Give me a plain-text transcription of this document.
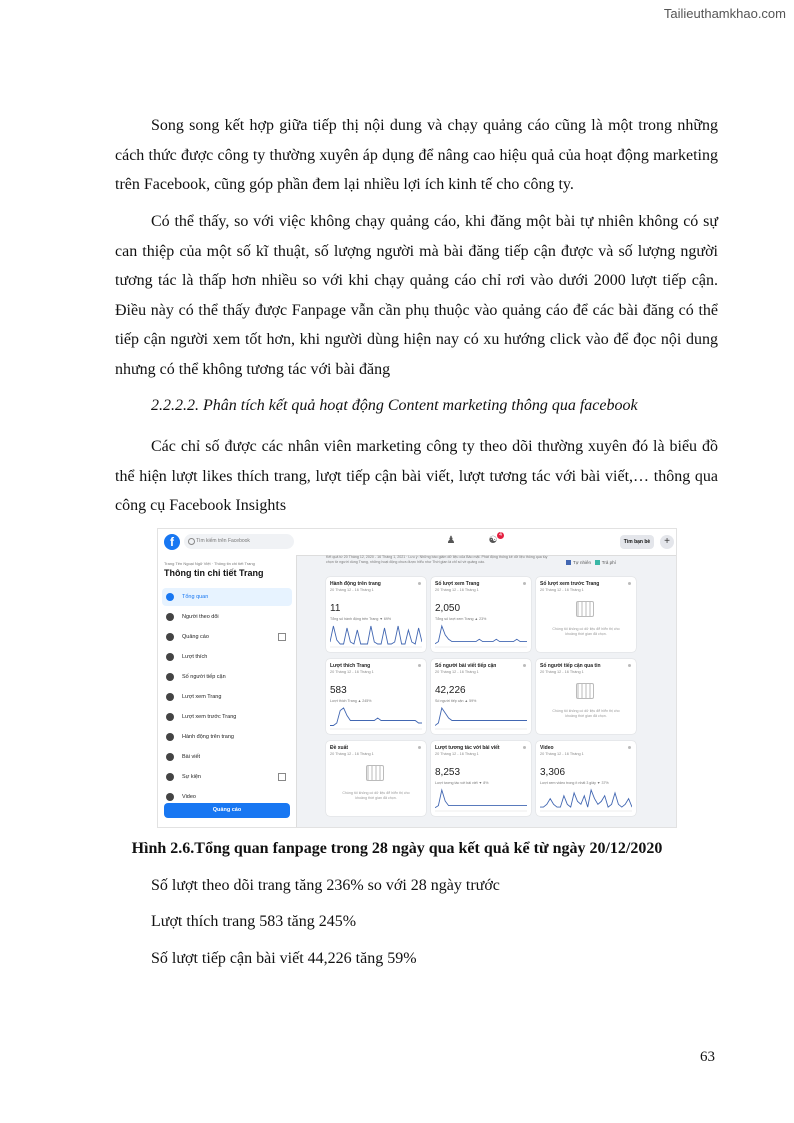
Tailieuthamkhao.com

Song song kết hợp giữa tiếp thị nội dung và chạy quảng cáo cũng là một trong những cách thức được công ty thường xuyên áp dụng để nâng cao hiệu quả của hoạt động marketing trên Facebook, cũng góp phần đem lại nhiều lợi ích kinh tế cho công ty.

Có thể thấy, so với việc không chạy quảng cáo, khi đăng một bài tự nhiên không có sự can thiệp của một số kĩ thuật, số lượng người mà bài đăng tiếp cận được và số lượng người tương tác là thấp hơn nhiều so với khi chạy quảng cáo chỉ rơi vào dưới 2000 lượt tiếp cận. Điều này có thể thấy được Fanpage vẫn cần phụ thuộc vào quảng cáo để các bài đăng có thể tiếp cận người xem tốt hơn, khi người dùng hiện nay có xu hướng click vào để đọc nội dung nhưng có thể không tương tác với bài đăng

2.2.2.2. Phân tích kết quả hoạt động Content marketing thông qua facebook

Các chỉ số được các nhân viên marketing công ty theo dõi thường xuyên đó là biểu đồ thể hiện lượt likes thích trang, lượt tiếp cận bài viết, lượt tương tác với bài viết,… thông qua công cụ Facebook Insights

f	Tìm kiếm trên Facebook	♟	☯ 4
Tìm bạn bè	+
Trang Tên Ngoại Ngữ Việt · Thông tin chi tiết Trang
Thông tin chi tiết Trang
Tổng quan
Người theo dõi
Quảng cáo
Lượt thích
Số người tiếp cận
Lượt xem Trang
Lượt xem trước Trang
Hành động trên trang
Bài viết
Sự kiện
Video
Quảng cáo
Kết quả từ 20 Tháng 12, 2020 - 16 Tháng 1, 2021 · Lưu ý: Những báo giấm dữ liệu của Bảo mật. Phát động thống kê dữ liệu thông qua tùy chọn từ người dùng Trang, những hoạt động chưa được hiểu như Thời gian là chỉ số về quảng cáo.	Tự nhiên Trả phí
Hành động trên trang
20 Tháng 12 - 16 Tháng 1
11
Tổng số hành động trên Trang ▼ 69%
Số lượt xem Trang
20 Tháng 12 - 16 Tháng 1
2,050
Tổng số lượt xem Trang ▲ 23%
Số lượt xem trước Trang
20 Tháng 12 - 16 Tháng 1
Chúng tôi không có dữ liệu để hiển thị cho khoảng thời gian đã chọn.
Lượt thích Trang
20 Tháng 12 - 16 Tháng 1
583
Lượt thích Trang ▲ 245%
Số người bài viết tiếp cận
20 Tháng 12 - 16 Tháng 1
42,226
Số người tiếp cận ▲ 59%
Số người tiếp cận qua tin
20 Tháng 12 - 16 Tháng 1
Chúng tôi không có dữ liệu để hiển thị cho khoảng thời gian đã chọn.
Đề xuất
20 Tháng 12 - 16 Tháng 1
Chúng tôi không có dữ liệu để hiển thị cho khoảng thời gian đã chọn.
Lượt tương tác với bài viết
20 Tháng 12 - 16 Tháng 1
8,253
Lượt tương tác với bài viết ▼ 8%
Video
20 Tháng 12 - 16 Tháng 1
3,306
Lượt xem video trong ít nhất 3 giây ▼ 37%
Hình 2.6.Tổng quan fanpage trong 28 ngày qua kết quả kể từ ngày 20/12/2020
Số lượt theo dõi trang tăng 236% so với 28 ngày trước
Lượt thích trang 583 tăng 245%
Số lượt tiếp cận bài viết 44,226 tăng 59%
63
